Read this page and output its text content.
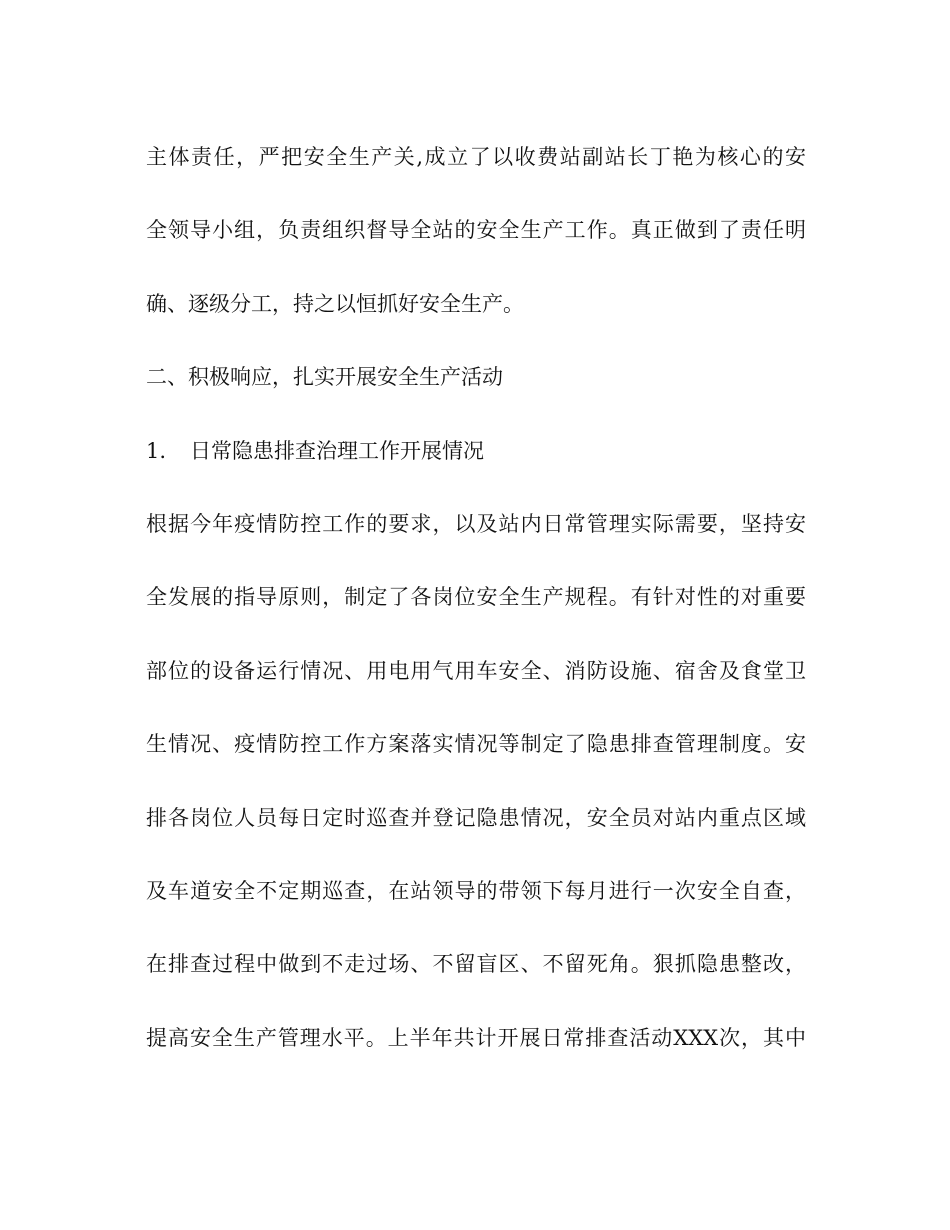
主体责任，严把安全生产关,成立了以收费站副站长丁艳为核心的安
全领导小组，负责组织督导全站的安全生产工作。真正做到了责任明
确、逐级分工，持之以恒抓好安全生产。
二、积极响应，扎实开展安全生产活动
1. 日常隐患排查治理工作开展情况
根据今年疫情防控工作的要求，以及站内日常管理实际需要，坚持安
全发展的指导原则，制定了各岗位安全生产规程。有针对性的对重要
部位的设备运行情况、用电用气用车安全、消防设施、宿舍及食堂卫
生情况、疫情防控工作方案落实情况等制定了隐患排查管理制度。安
排各岗位人员每日定时巡查并登记隐患情况，安全员对站内重点区域
及车道安全不定期巡查，在站领导的带领下每月进行一次安全自查，
在排查过程中做到不走过场、不留盲区、不留死角。狠抓隐患整改，
提高安全生产管理水平。上半年共计开展日常排查活动XXX次，其中
